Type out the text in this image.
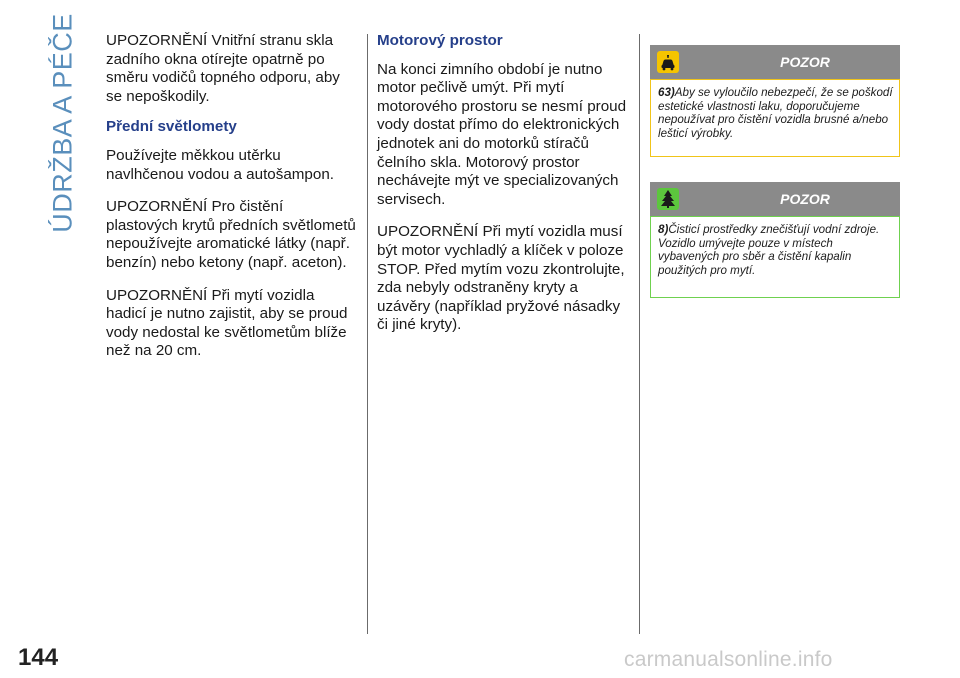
ÚDRŽBA A PÉČE UPOZORNĚNÍ Vnitřní stranu skla zadního okna otírejte opatrně po směru vodičů topného odporu, aby se nepoškodily.

Přední světlomety

Používejte měkkou utěrku navlhčenou vodou a autošampon.

UPOZORNĚNÍ Pro čistění plastových krytů předních světlometů nepoužívejte aromatické látky (např. benzín) nebo ketony (např. aceton).

UPOZORNĚNÍ Při mytí vozidla hadicí je nutno zajistit, aby se proud vody nedostal ke světlometům blíže než na 20 cm.

Motorový prostor

Na konci zimního období je nutno motor pečlivě umýt. Při mytí motorového prostoru se nesmí proud vody dostat přímo do elektronických jednotek ani do motorků stíračů čelního skla. Motorový prostor nechávejte mýt ve specializovaných servisech.

UPOZORNĚNÍ Při mytí vozidla musí být motor vychladlý a klíček v poloze STOP. Před mytím vozu zkontrolujte, zda nebyly odstraněny kryty a uzávěry (například pryžové násadky či jiné kryty).

POZOR
63)Aby se vyloučilo nebezpečí, že se poškodí estetické vlastnosti laku, doporučujeme nepoužívat pro čistění vozidla brusné a/nebo lešticí výrobky.
POZOR
8)Čisticí prostředky znečišťují vodní zdroje. Vozidlo umývejte pouze v místech vybavených pro sběr a čistění kapalin použitých pro mytí.
144	carmanualsonline.info
